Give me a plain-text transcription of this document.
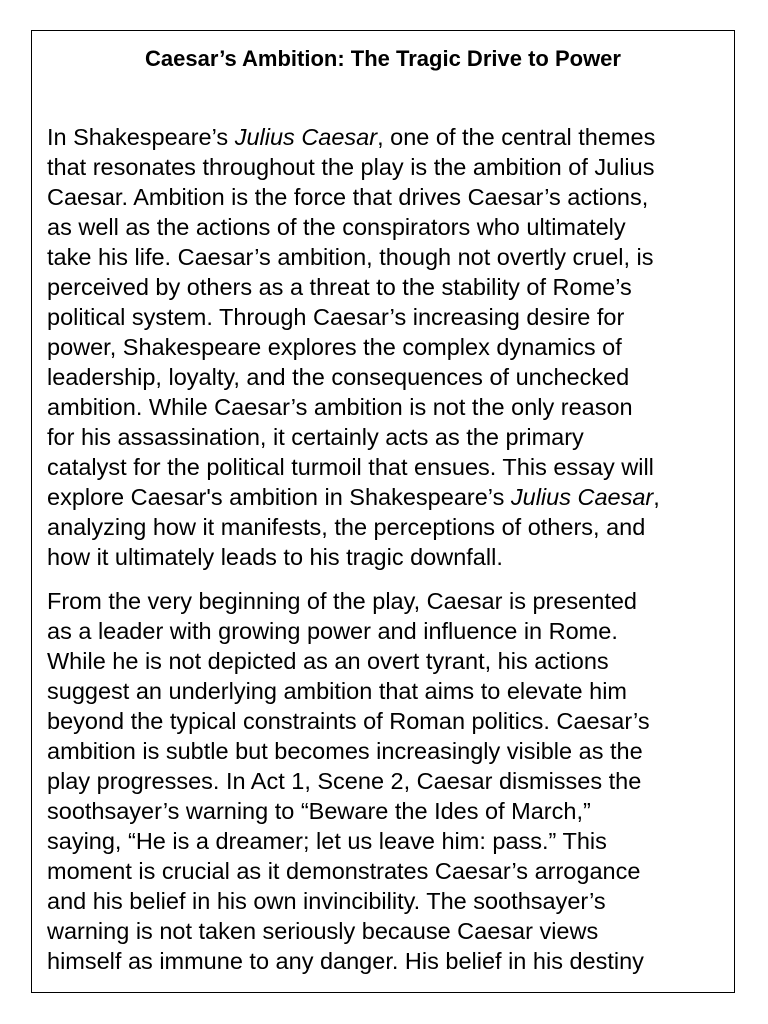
Caesar’s Ambition: The Tragic Drive to Power

In Shakespeare’s Julius Caesar, one of the central themes
that resonates throughout the play is the ambition of Julius
Caesar. Ambition is the force that drives Caesar’s actions,
as well as the actions of the conspirators who ultimately
take his life. Caesar’s ambition, though not overtly cruel, is
perceived by others as a threat to the stability of Rome’s
political system. Through Caesar’s increasing desire for
power, Shakespeare explores the complex dynamics of
leadership, loyalty, and the consequences of unchecked
ambition. While Caesar’s ambition is not the only reason
for his assassination, it certainly acts as the primary
catalyst for the political turmoil that ensues. This essay will
explore Caesar's ambition in Shakespeare’s Julius Caesar,
analyzing how it manifests, the perceptions of others, and
how it ultimately leads to his tragic downfall.

From the very beginning of the play, Caesar is presented
as a leader with growing power and influence in Rome.
While he is not depicted as an overt tyrant, his actions
suggest an underlying ambition that aims to elevate him
beyond the typical constraints of Roman politics. Caesar’s
ambition is subtle but becomes increasingly visible as the
play progresses. In Act 1, Scene 2, Caesar dismisses the
soothsayer’s warning to “Beware the Ides of March,”
saying, “He is a dreamer; let us leave him: pass.” This
moment is crucial as it demonstrates Caesar’s arrogance
and his belief in his own invincibility. The soothsayer’s
warning is not taken seriously because Caesar views
himself as immune to any danger. His belief in his destiny
